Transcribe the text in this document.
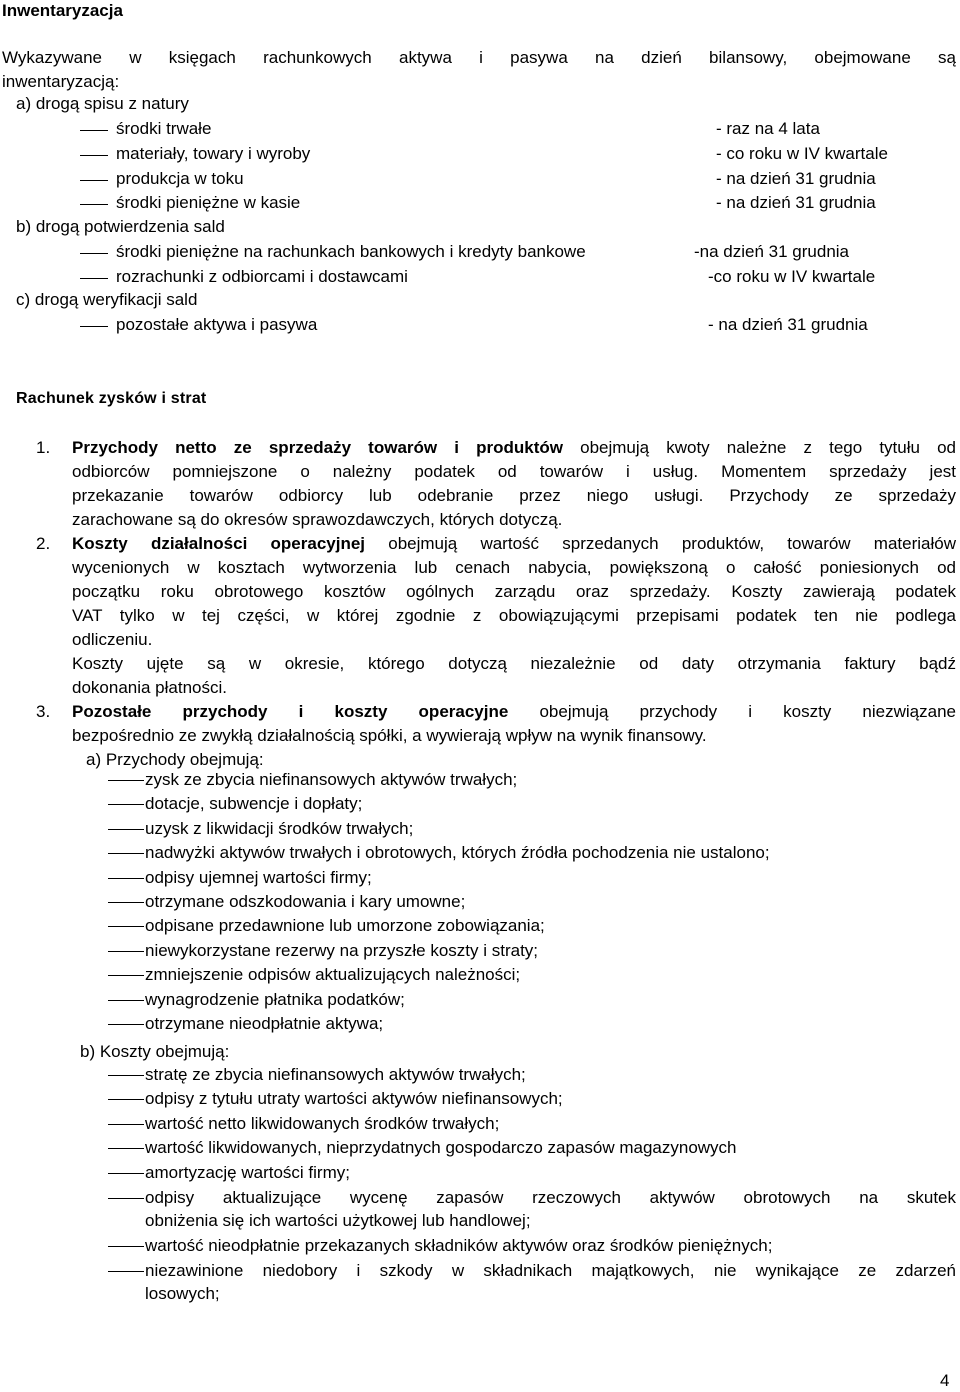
Inwentaryzacja
Wykazywane w księgach rachunkowych aktywa i pasywa na dzień bilansowy, obejmowane są
inwentaryzacją:
a) drogą spisu z natury
środki trwałe	- raz na 4 lata
materiały, towary i wyroby	- co roku w IV kwartale
produkcja w toku	- na dzień 31 grudnia
środki pieniężne w kasie	- na dzień 31 grudnia
b) drogą potwierdzenia sald
środki pieniężne na rachunkach bankowych i kredyty bankowe	-na dzień 31 grudnia
rozrachunki z odbiorcami i dostawcami	-co roku w IV kwartale
c) drogą weryfikacji sald
pozostałe aktywa i pasywa	- na dzień 31 grudnia
Rachunek zysków i strat
1. Przychody netto ze sprzedaży towarów i produktów obejmują kwoty należne z tego tytułu od
odbiorców pomniejszone o należny podatek od towarów i usług. Momentem sprzedaży jest
przekazanie towarów odbiorcy lub odebranie przez niego usługi. Przychody ze sprzedaży
zarachowane są do okresów sprawozdawczych, których dotyczą.
2. Koszty działalności operacyjnej obejmują wartość sprzedanych produktów, towarów materiałów
wycenionych w kosztach wytworzenia lub cenach nabycia, powiększoną o całość poniesionych od
początku roku obrotowego kosztów ogólnych zarządu oraz sprzedaży. Koszty zawierają podatek
VAT tylko w tej części, w której zgodnie z obowiązującymi przepisami podatek ten nie podlega
odliczeniu.
Koszty ujęte są w okresie, którego dotyczą niezależnie od daty otrzymania faktury bądź
dokonania płatności.
3. Pozostałe przychody i koszty operacyjne obejmują przychody i koszty niezwiązane
bezpośrednio ze zwykłą działalnością spółki, a wywierają wpływ na wynik finansowy.
a) Przychody obejmują:
zysk ze zbycia niefinansowych aktywów trwałych;
dotacje, subwencje i dopłaty;
uzysk z likwidacji środków trwałych;
nadwyżki aktywów trwałych i obrotowych, których źródła pochodzenia nie ustalono;
odpisy ujemnej wartości firmy;
otrzymane odszkodowania i kary umowne;
odpisane przedawnione lub umorzone zobowiązania;
niewykorzystane rezerwy na przyszłe koszty i straty;
zmniejszenie odpisów aktualizujących należności;
wynagrodzenie płatnika podatków;
otrzymane nieodpłatnie aktywa;
b) Koszty obejmują:
stratę ze zbycia niefinansowych aktywów trwałych;
odpisy z tytułu utraty wartości aktywów niefinansowych;
wartość netto likwidowanych środków trwałych;
wartość likwidowanych, nieprzydatnych gospodarczo zapasów magazynowych
amortyzację wartości firmy;
odpisy aktualizujące wycenę zapasów rzeczowych aktywów obrotowych na skutek
obniżenia się ich wartości użytkowej lub handlowej;
wartość nieodpłatnie przekazanych składników aktywów oraz środków pieniężnych;
niezawinione niedobory i szkody w składnikach majątkowych, nie wynikające ze zdarzeń
losowych;
4
